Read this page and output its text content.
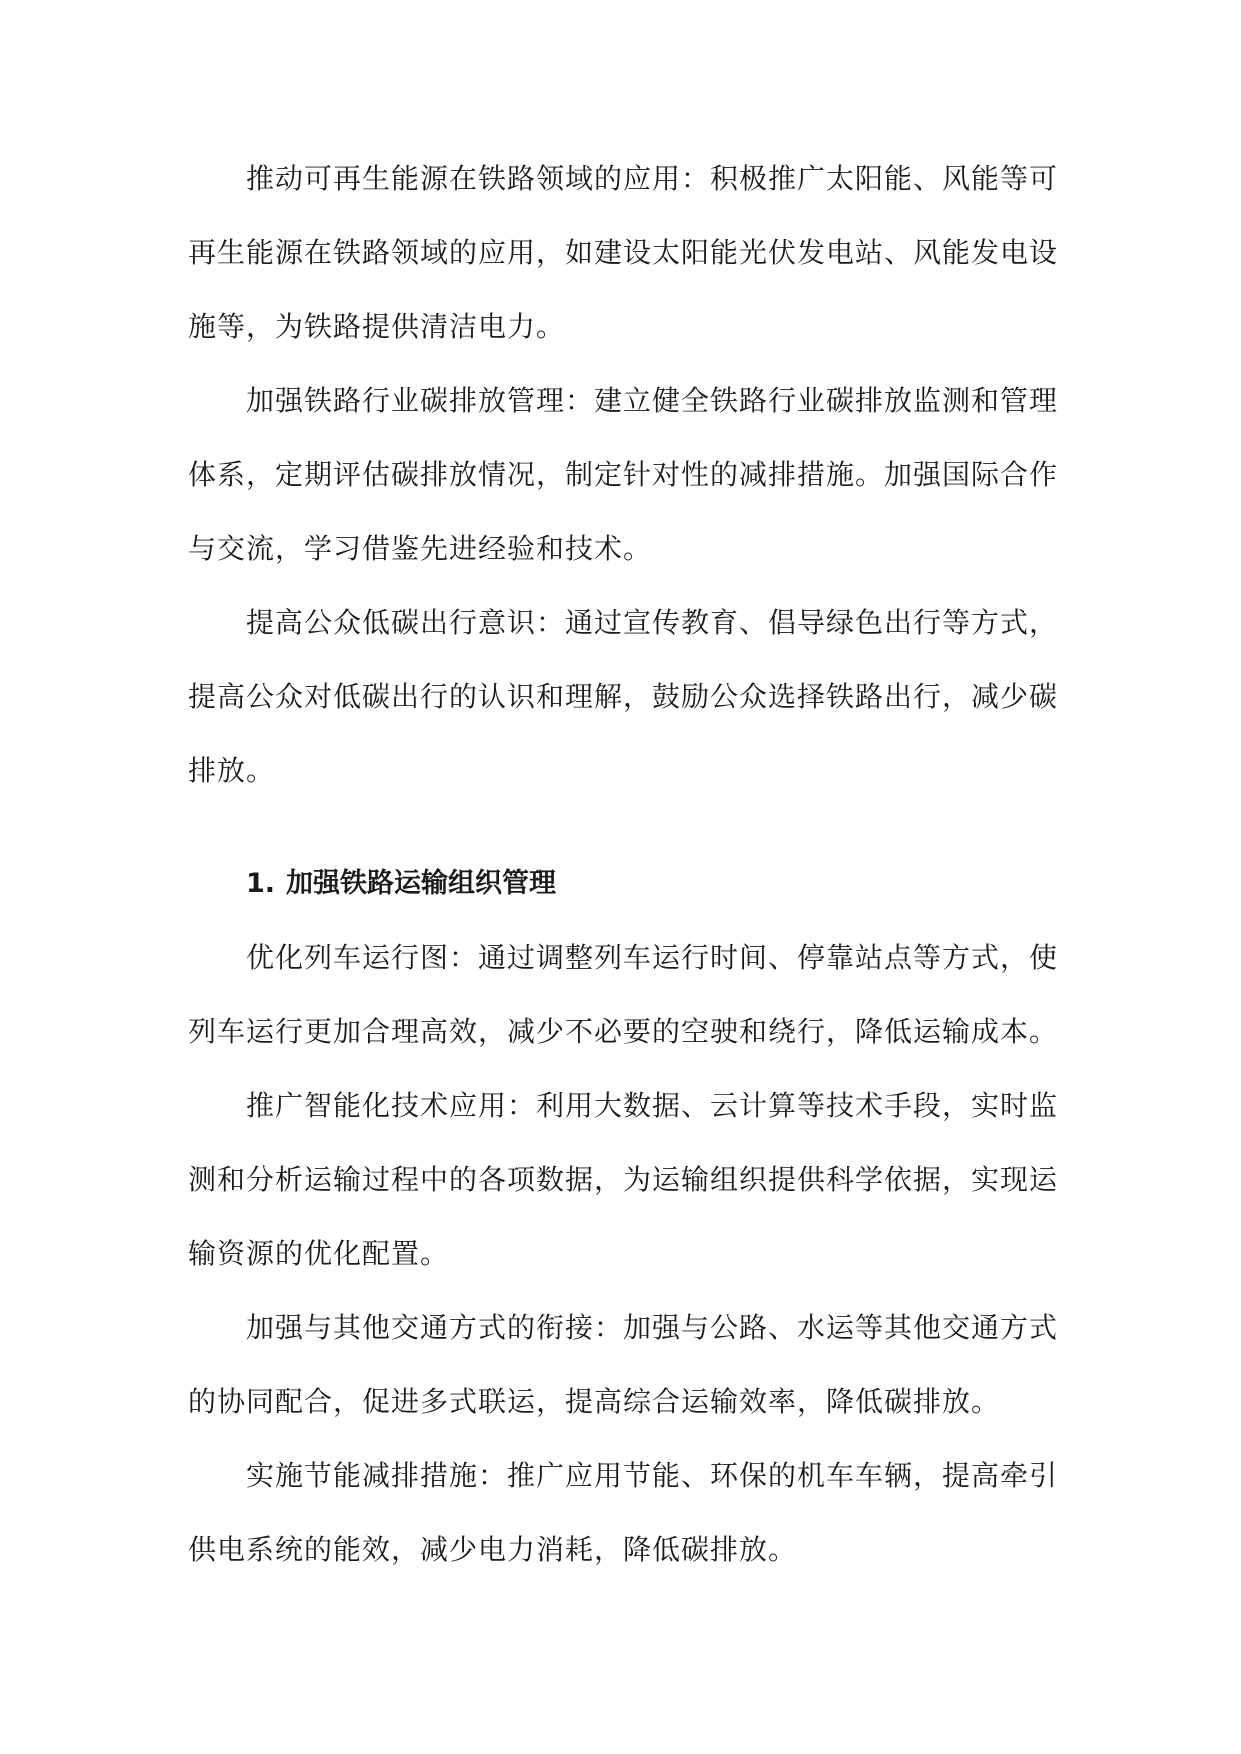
推动可再生能源在铁路领域的应用：积极推广太阳能、风能等可再生能源在铁路领域的应用，如建设太阳能光伏发电站、风能发电设施等，为铁路提供清洁电力。

加强铁路行业碳排放管理：建立健全铁路行业碳排放监测和管理体系，定期评估碳排放情况，制定针对性的减排措施。加强国际合作与交流，学习借鉴先进经验和技术。

提高公众低碳出行意识：通过宣传教育、倡导绿色出行等方式，提高公众对低碳出行的认识和理解，鼓励公众选择铁路出行，减少碳排放。

1. 加强铁路运输组织管理

优化列车运行图：通过调整列车运行时间、停靠站点等方式，使列车运行更加合理高效，减少不必要的空驶和绕行，降低运输成本。

推广智能化技术应用：利用大数据、云计算等技术手段，实时监测和分析运输过程中的各项数据，为运输组织提供科学依据，实现运输资源的优化配置。

加强与其他交通方式的衔接：加强与公路、水运等其他交通方式的协同配合，促进多式联运，提高综合运输效率，降低碳排放。

实施节能减排措施：推广应用节能、环保的机车车辆，提高牵引供电系统的能效，减少电力消耗，降低碳排放。
